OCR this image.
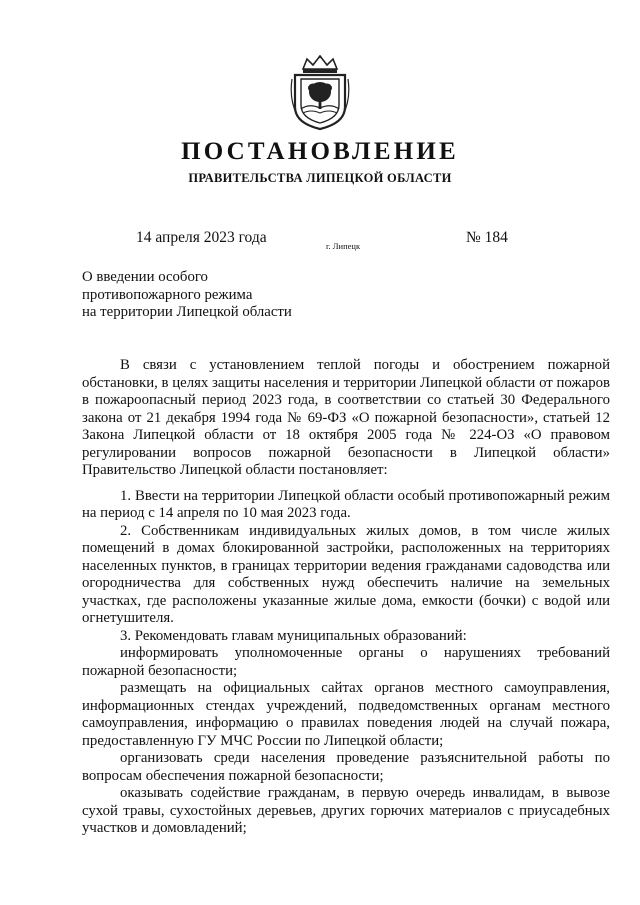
ПОСТАНОВЛЕНИЕ
ПРАВИТЕЛЬСТВА ЛИПЕЦКОЙ ОБЛАСТИ
14 апреля 2023 года	г. Липецк	№ 184
О введении особого
противопожарного режима
на территории Липецкой области

В связи с установлением теплой погоды и обострением пожарной обстановки, в целях защиты населения и территории Липецкой области от пожаров в пожароопасный период 2023 года, в соответствии со статьей 30 Федерального закона от 21 декабря 1994 года № 69-ФЗ «О пожарной безопасности», статьей 12 Закона Липецкой области от 18 октября 2005 года № 224-ОЗ «О правовом регулировании вопросов пожарной безопасности в Липецкой области» Правительство Липецкой области постановляет:

1. Ввести на территории Липецкой области особый противопожарный режим на период с 14 апреля по 10 мая 2023 года.

2. Собственникам индивидуальных жилых домов, в том числе жилых помещений в домах блокированной застройки, расположенных на территориях населенных пунктов, в границах территории ведения гражданами садоводства или огородничества для собственных нужд обеспечить наличие на земельных участках, где расположены указанные жилые дома, емкости (бочки) с водой или огнетушителя.

3. Рекомендовать главам муниципальных образований:

информировать уполномоченные органы о нарушениях требований пожарной безопасности;

размещать на официальных сайтах органов местного самоуправления, информационных стендах учреждений, подведомственных органам местного самоуправления, информацию о правилах поведения людей на случай пожара, предоставленную ГУ МЧС России по Липецкой области;

организовать среди населения проведение разъяснительной работы по вопросам обеспечения пожарной безопасности;

оказывать содействие гражданам, в первую очередь инвалидам, в вывозе сухой травы, сухостойных деревьев, других горючих материалов с приусадебных участков и домовладений;
